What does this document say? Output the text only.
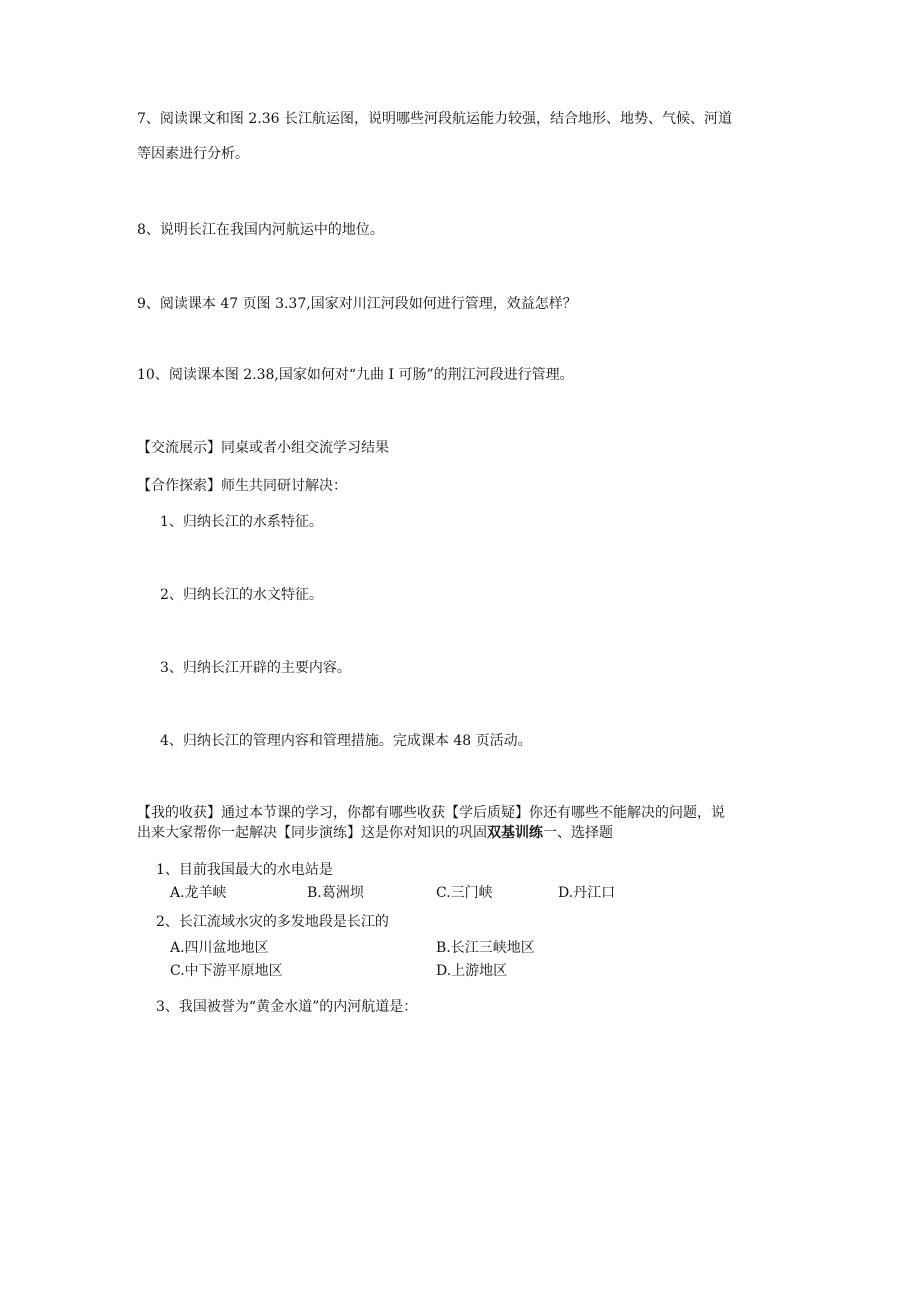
7、阅读课文和图 2.36 长江航运图，说明哪些河段航运能力较强，结合地形、地势、气候、河道
等因素进行分析。
8、说明长江在我国内河航运中的地位。
9、阅读课本 47 页图 3.37,国家对川江河段如何进行管理，效益怎样？
10、阅读课本图 2.38,国家如何对“九曲 I 可肠”的荆江河段进行管理。
【交流展示】同桌或者小组交流学习结果
【合作探索】师生共同研讨解决：
1、归纳长江的水系特征。
2、归纳长江的水文特征。
3、归纳长江开辟的主要内容。
4、归纳长江的管理内容和管理措施。完成课本 48 页活动。
【我的收获】通过本节课的学习，你都有哪些收获【学后质疑】你还有哪些不能解决的问题，说
出来大家帮你一起解决【同步演练】这是你对知识的巩固双基训练一、选择题
1、目前我国最大的水电站是
A.龙羊峡	B.葛洲坝	C.三门峡	D.丹江口
2、长江流域水灾的多发地段是长江的
A.四川盆地地区	B.长江三峡地区
C.中下游平原地区	D.上游地区
3、我国被誉为“黄金水道”的内河航道是：
